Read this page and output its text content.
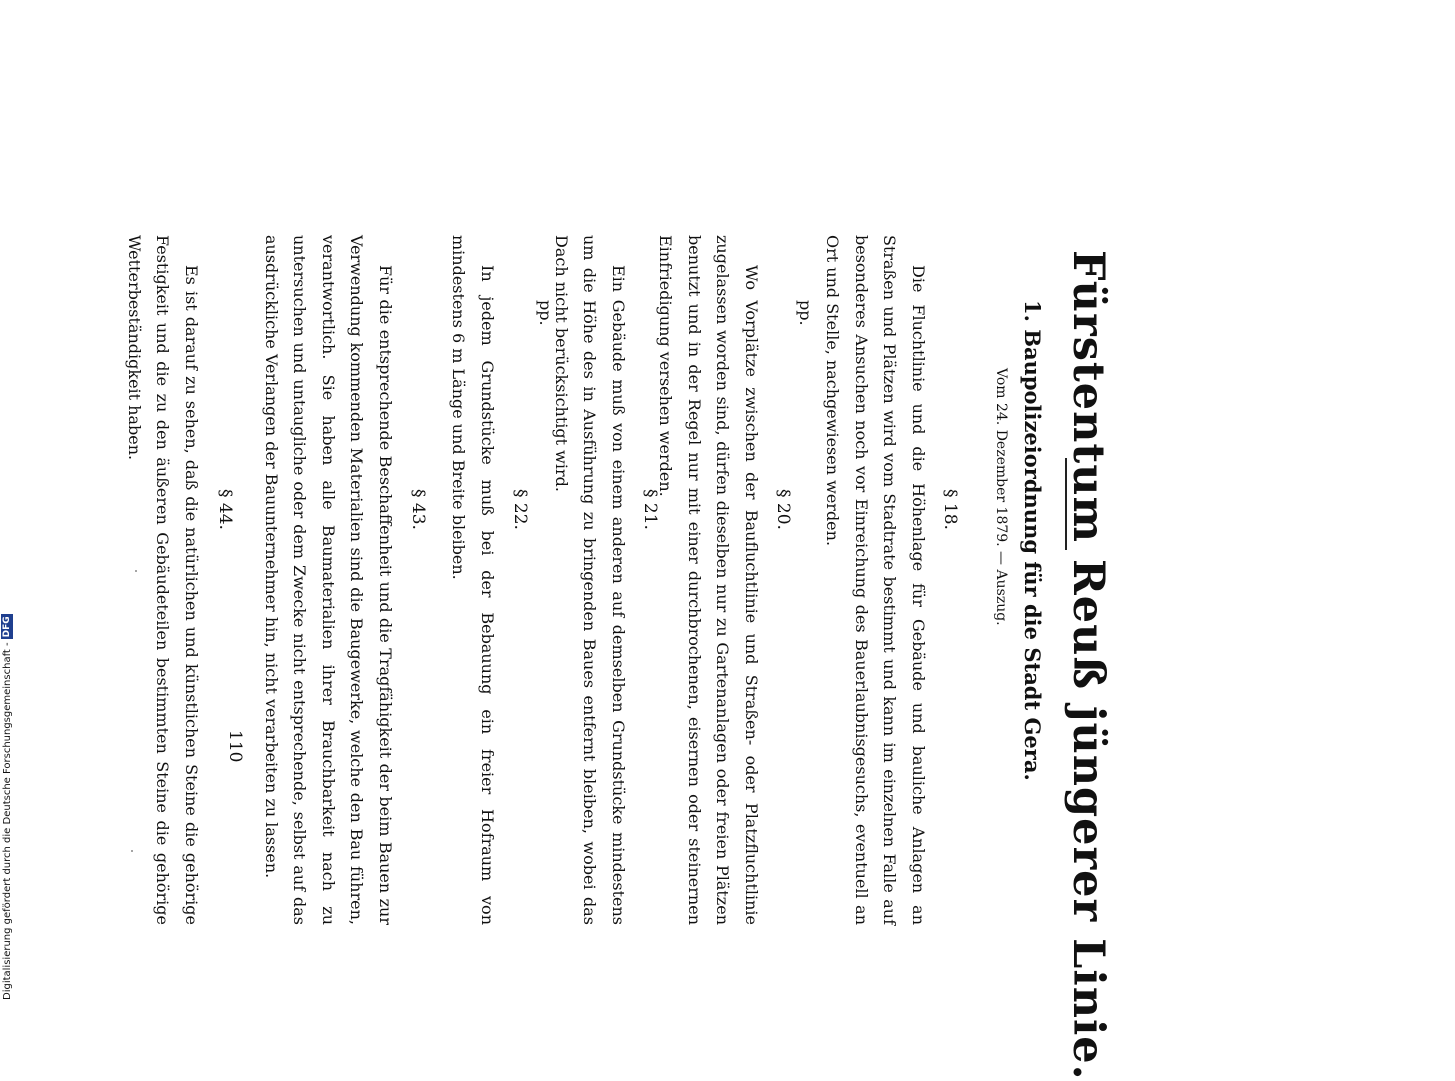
Fürstentum Reuß jüngerer Linie.
1. Baupolizeiordnung für die Stadt Gera.
Vom 24. Dezember 1879. — Auszug.
§ 18.
Die Fluchtlinie und die Höhenlage für Gebäude und bauliche Anlagen an Straßen und Plätzen wird vom Stadtrate bestimmt und kann im einzelnen Falle auf besonderes Ansuchen noch vor Einreichung des Bauerlaubnisgesuchs, eventuell an Ort und Stelle, nachgewiesen werden.
pp.
§ 20.
Wo Vorplätze zwischen der Baufluchtlinie und Straßen- oder Platzfluchtlinie zugelassen worden sind, dürfen dieselben nur zu Gartenanlagen oder freien Plätzen benutzt und in der Regel nur mit einer durchbrochenen, eisernen oder steinernen Einfriedigung versehen werden.
§ 21.
Ein Gebäude muß von einem anderen auf demselben Grundstücke mindestens um die Höhe des in Ausführung zu bringenden Baues entfernt bleiben, wobei das Dach nicht berücksichtigt wird.
pp.
§ 22.
In jedem Grundstücke muß bei der Bebauung ein freier Hofraum von mindestens 6 m Länge und Breite bleiben.
§ 43.
Für die entsprechende Beschaffenheit und die Tragfähigkeit der beim Bauen zur Verwendung kommenden Materialien sind die Baugewerke, welche den Bau führen, verantwortlich. Sie haben alle Baumaterialien ihrer Brauchbarkeit nach zu untersuchen und untaugliche oder dem Zwecke nicht entsprechende, selbst auf das ausdrückliche Verlangen der Bauunternehmer hin, nicht verarbeiten zu lassen.
§ 44.
Es ist darauf zu sehen, daß die natürlichen und künstlichen Steine die gehörige Festigkeit und die zu den äußeren Gebäudeteilen bestimmten Steine die gehörige Wetterbeständigkeit haben.
110
Digitalisierung gefördert durch die Deutsche Forschungsgemeinschaft -
DFG
